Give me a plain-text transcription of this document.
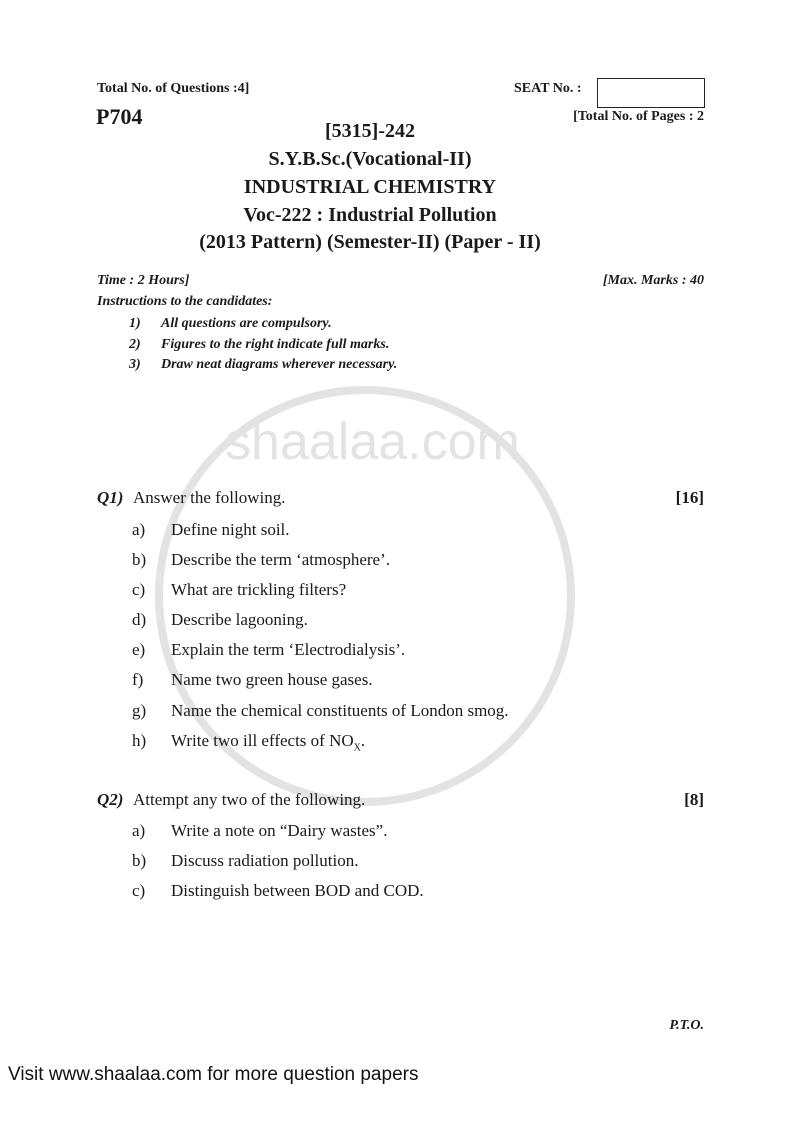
shaalaa.com
Total No. of Questions :4]	SEAT No. :
P704	[Total No. of Pages : 2
[5315]-242
S.Y.B.Sc.(Vocational-II)
INDUSTRIAL CHEMISTRY
Voc-222 : Industrial Pollution
(2013 Pattern) (Semester-II) (Paper - II)
Time : 2 Hours]	[Max. Marks : 40
Instructions to the candidates:
1) All questions are compulsory.
2) Figures to the right indicate full marks.
3) Draw neat diagrams wherever necessary.
Q1) Answer the following.	[16]
a) Define night soil.
b) Describe the term ‘atmosphere’.
c) What are trickling filters?
d) Describe lagooning.
e) Explain the term ‘Electrodialysis’.
f) Name two green house gases.
g) Name the chemical constituents of London smog.
h) Write two ill effects of $NO_X$.
Q2) Attempt any two of the following.	[8]
a) Write a note on “Dairy wastes”.
b) Discuss radiation pollution.
c) Distinguish between BOD and COD.
P.T.O.
Visit www.shaalaa.com for more question papers
